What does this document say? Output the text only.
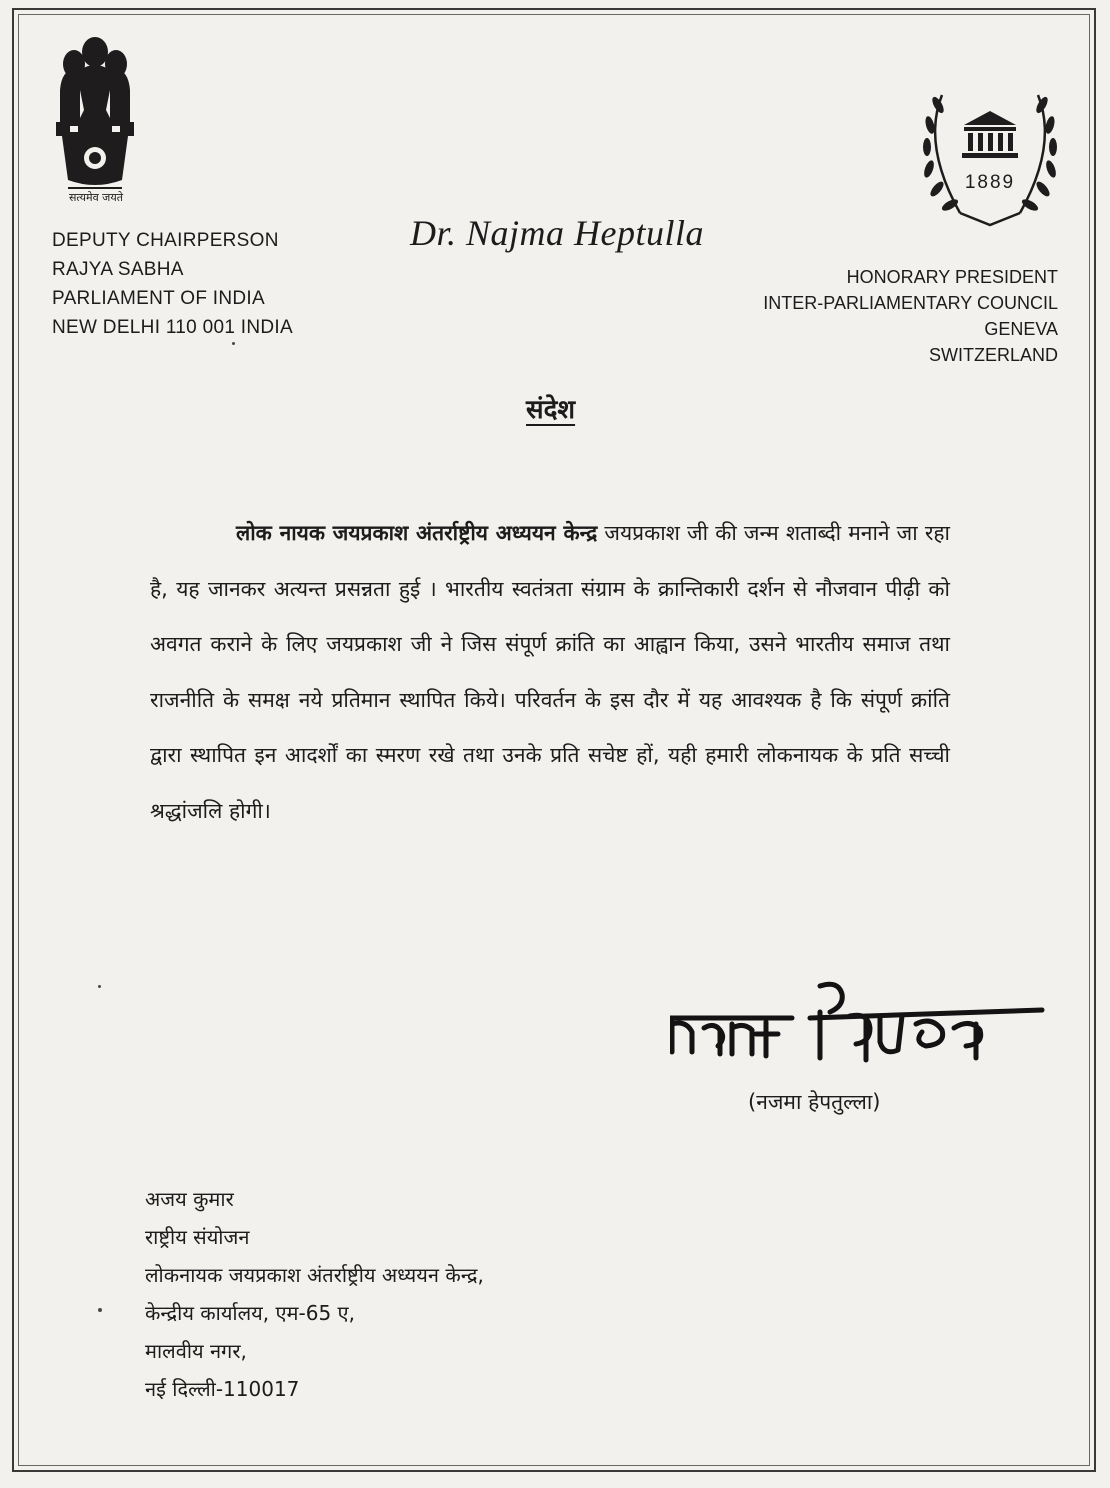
सत्यमेव जयते
DEPUTY CHAIRPERSON
RAJYA SABHA
PARLIAMENT OF INDIA
NEW DELHI 110 001 INDIA
Dr. Najma Heptulla
1889
HONORARY PRESIDENT
INTER-PARLIAMENTARY COUNCIL
GENEVA
SWITZERLAND
संदेश

लोक नायक जयप्रकाश अंतर्राष्ट्रीय अध्ययन केन्द्र जयप्रकाश जी की जन्म शताब्दी मनाने जा रहा है, यह जानकर अत्यन्त प्रसन्नता हुई । भारतीय स्वतंत्रता संग्राम के क्रान्तिकारी दर्शन से नौजवान पीढ़ी को अवगत कराने के लिए जयप्रकाश जी ने जिस संपूर्ण क्रांति का आह्वान किया, उसने भारतीय समाज तथा राजनीति के समक्ष नये प्रतिमान स्थापित किये। परिवर्तन के इस दौर में यह आवश्यक है कि संपूर्ण क्रांति द्वारा स्थापित इन आदर्शों का स्मरण रखे तथा उनके प्रति सचेष्ट हों, यही हमारी लोकनायक के प्रति सच्ची श्रद्धांजलि होगी।

(नजमा हेपतुल्ला)
अजय कुमार
राष्ट्रीय संयोजन
लोकनायक जयप्रकाश अंतर्राष्ट्रीय अध्ययन केन्द्र,
केन्द्रीय कार्यालय, एम-65 ए,
मालवीय नगर,
नई दिल्ली-110017
